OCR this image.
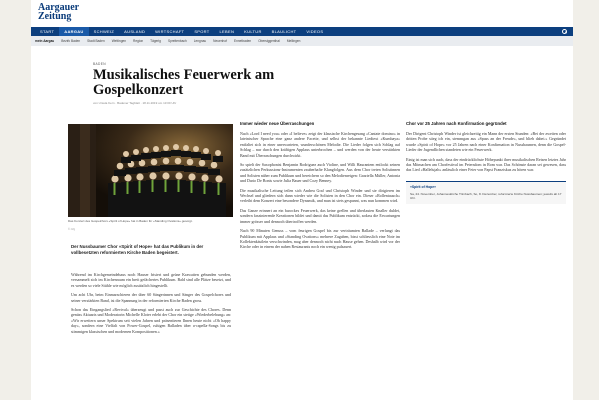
Aargauer
Zeitung
START	AARGAU	SCHWEIZ	AUSLAND	WIRTSCHAFT	SPORT	LEBEN	KULTUR	BLAULICHT	VIDEOS
mein Aargau	Bezirk Baden	Stadt Baden	Wettingen	Region	Tägerig	Spreitenbach	Lengnau	Neuenhof	Ennetbaden	Obersiggenthal	Mellingen
BADEN
Musikalisches Feuerwerk am Gospelkonzert
von Ursula Kern · Badener Tagblatt · 18.11.2019 um 13:00 Uhr
Das Konzert des Gospelchors «Spirit of Hope» hat in Baden für «Standing Ovations» gesorgt.
© zVg
Der Nussbaumer Chor «Spirit of Hope» hat das Publikum in der vollbesetzten reformierten Kirche Baden begeistert.

Während im Kirchgemeindehaus noch Hauser frisiert und grüne Krawatten gebunden werden, versammelt sich im Kirchenraum ein breit gefächertes Publikum. Bald sind alle Plätze besetzt, und es werden so viele Stühle wie möglich zusätzlich hingestellt.

Um acht Uhr, beim Einmarschieren der über 60 Sängerinnen und Sänger des Gospelchores und seiner verstärkten Band, ist die Spannung in der reformierten Kirche Baden gross.

Schon das Eingangslied «Revival» überzeugt und passt auch zur Geschichte des Chores. Denn genüss Aktuaris und Moderatorin Michelle Kloter erlebt der Chor ein stetige «Wiederbelebung» an: «Wir erweitern unser Spektrum seit vielen Jahren und präsentieren Ihnen heute nicht «Oh happy day», sondern eine Vielfalt von Power-Gospel, ruhigen Balladen über a-capella-Songs bis zu stimmigen klassischen und modernen Kompositionen.»

Immer wieder neue Überraschungen

Nach «Lord I need you» oder «I believe» zeigt der klassische Kirchengesang «Cantate domino» in lateinischer Sprache eine ganz andere Facette, und selbst der bekannte Liedtext «Kumbaya» entfaltet sich in einer unerwarteten, wunderschönen Melodie. Die Lieder folgen sich Schlag auf Schlag – nur durch den kräftigen Applaus unterbrochen – und werden von der heute verstärkten Band mit Überraschungen durchwirkt.

So spielt der Saxophonist Benjamin Rodriguez auch Violine, und Willi Haurantem entlockt seinen zusätzlichen Perkussions-Instrumenten zauberhafte Klangfolgen. Aus dem Chor treten Solistinnen und Solisten näher zum Publikum und bereichern so den Melodienreigen: Graziella Müller, Antonia und Dario De Bonis sowie Julia Bauer und Cozy Benney.

Die musikalische Leitung teilen sich Andrea Graf und Christoph Winder und sie dirigieren im Wechsel und gliedern sich dann wieder wie die Solisten in den Chor ein. Dieser «Rollentausch» verleiht dem Konzert eine besondere Dynamik, und man ist stets gespannt, was nun kommen wird.

Das Ganze erinnert an ein barockes Feuerwerk, das keine grellen und überlauten Knaller duldet, sondern faszinierende Kreationen bildet und damit das Publikum entzückt, sodass die Erwartungen immer grösser und dennoch übertroffen werden.

Nach 90 Minuten Genuss – vom feurigen Gospel bis zur verträumten Ballade – verlangt das Publikum mit Applaus und «Standing Ovations» mehrere Zugaben, bisst schliesslich eine Note im Kollektenkästlein verschwinden, mag aber dennoch nicht nach Hause gehen. Deshalb wird vor der Kirche oder in einem der nahen Restaurants noch ein wenig pulsauert.

Chor vor 25 Jahren nach Konfirmation gegründet

Der Dirigent Christoph Winder ist gleichzeitig ein Mann der ersten Stunden: «Bei der zweiten oder dritten Probe stieg ich ein, stemmgan aus «Spass an der Freude», und blieb dabei.» Gegründet wurde «Spirit of Hope» vor 25 Jahren nach einer Konfirmation in Nussbaumen, denn die Gospel-Lieder der Jugendlichen standeten wie ein Feuerwerk.

Einig ist man sich auch, dass der eindrücklichste Höhepunkt ihrer musikalischen Reisen letztes Jahr das Mitmachen am Chorfestival im Petersdom in Rom war. Das Schönste daran sei gewesen, dass das Lied «Hallelujah» anlässlich einer Feier von Papst Franziskus zu hören war.

«Spirit of Hope»
Sa, 24. November, Johanneskirche Trimbach, So, 8. Dezember, reformierte Kirche Nussbaumen; jeweils ab 17 Uhr.
